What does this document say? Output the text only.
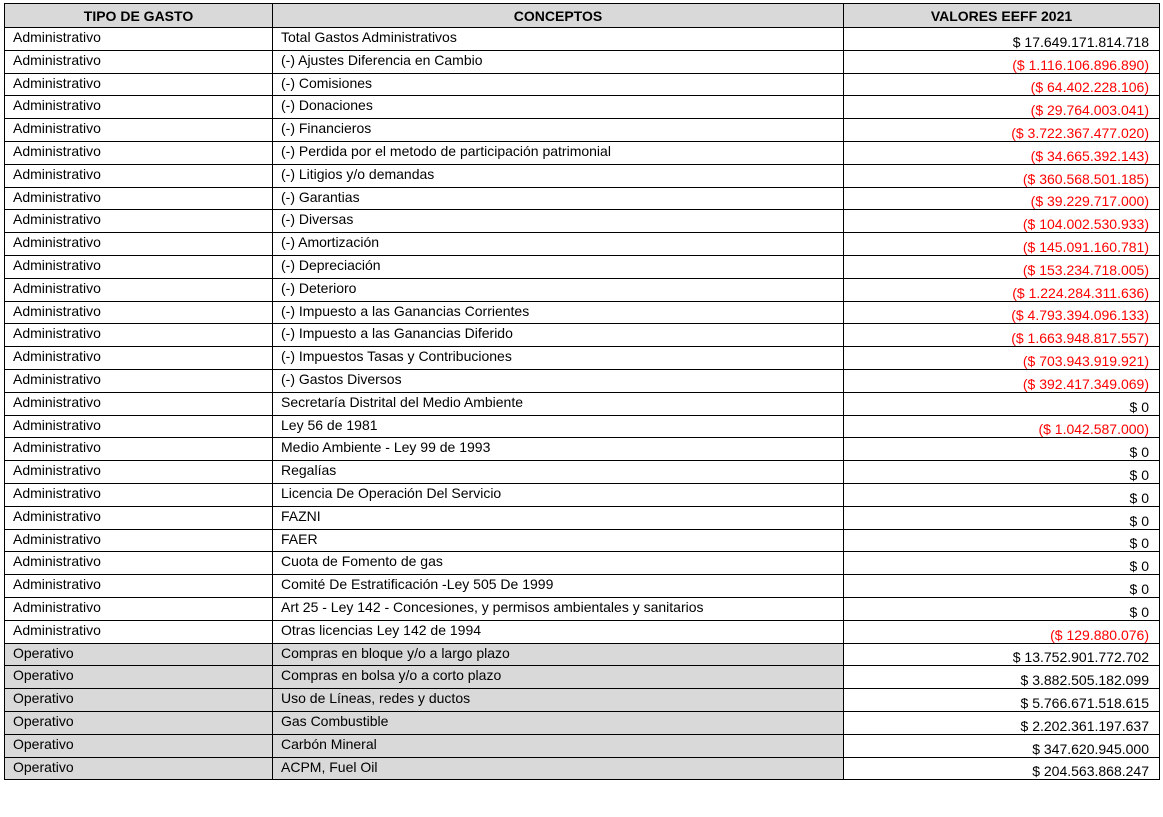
TIPO DE GASTO	CONCEPTOS	VALORES EEFF 2021
Administrativo	Total Gastos Administrativos	$ 17.649.171.814.718
Administrativo	(-) Ajustes Diferencia en Cambio	($ 1.116.106.896.890)
Administrativo	(-) Comisiones	($ 64.402.228.106)
Administrativo	(-) Donaciones	($ 29.764.003.041)
Administrativo	(-) Financieros	($ 3.722.367.477.020)
Administrativo	(-) Perdida por el metodo de participación patrimonial	($ 34.665.392.143)
Administrativo	(-) Litigios y/o demandas	($ 360.568.501.185)
Administrativo	(-) Garantias	($ 39.229.717.000)
Administrativo	(-) Diversas	($ 104.002.530.933)
Administrativo	(-) Amortización	($ 145.091.160.781)
Administrativo	(-) Depreciación	($ 153.234.718.005)
Administrativo	(-) Deterioro	($ 1.224.284.311.636)
Administrativo	(-) Impuesto a las Ganancias Corrientes	($ 4.793.394.096.133)
Administrativo	(-) Impuesto a las Ganancias Diferido	($ 1.663.948.817.557)
Administrativo	(-) Impuestos Tasas y Contribuciones	($ 703.943.919.921)
Administrativo	(-) Gastos Diversos	($ 392.417.349.069)
Administrativo	Secretaría Distrital del Medio Ambiente	$ 0
Administrativo	Ley 56 de 1981	($ 1.042.587.000)
Administrativo	Medio Ambiente - Ley 99 de 1993	$ 0
Administrativo	Regalías	$ 0
Administrativo	Licencia De Operación Del Servicio	$ 0
Administrativo	FAZNI	$ 0
Administrativo	FAER	$ 0
Administrativo	Cuota de Fomento de gas	$ 0
Administrativo	Comité De Estratificación -Ley 505 De 1999	$ 0
Administrativo	Art 25 - Ley 142 - Concesiones, y permisos ambientales y sanitarios	$ 0
Administrativo	Otras licencias Ley 142 de 1994	($ 129.880.076)
Operativo	Compras en bloque y/o a largo plazo	$ 13.752.901.772.702
Operativo	Compras en bolsa y/o a corto plazo	$ 3.882.505.182.099
Operativo	Uso de Líneas, redes y ductos	$ 5.766.671.518.615
Operativo	Gas Combustible	$ 2.202.361.197.637
Operativo	Carbón Mineral	$ 347.620.945.000
Operativo	ACPM, Fuel Oil	$ 204.563.868.247
